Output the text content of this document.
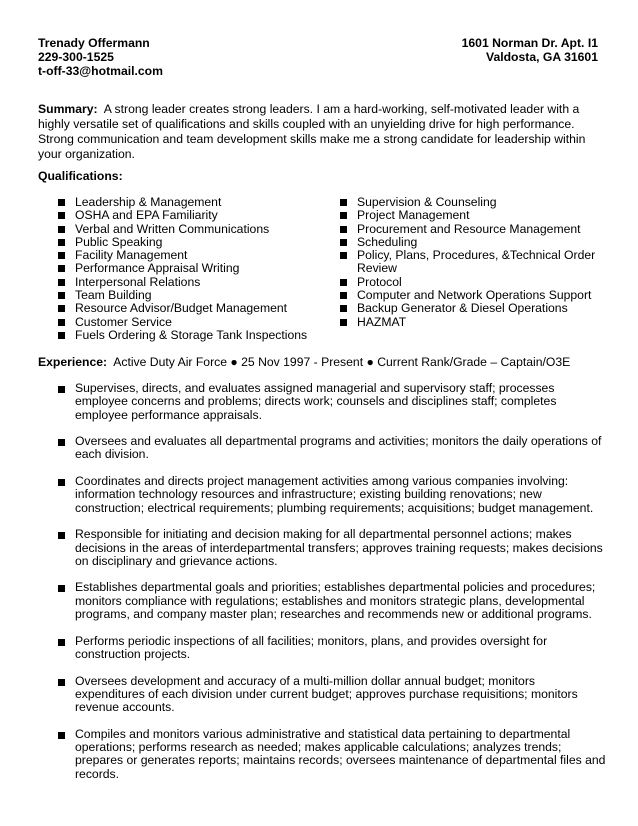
Trenady Offermann
229-300-1525
t-off-33@hotmail.com
1601 Norman Dr. Apt. I1
Valdosta, GA 31601
Summary: A strong leader creates strong leaders. I am a hard-working, self-motivated leader with a highly versatile set of qualifications and skills coupled with an unyielding drive for high performance. Strong communication and team development skills make me a strong candidate for leadership within your organization.
Qualifications:
Leadership & Management
OSHA and EPA Familiarity
Verbal and Written Communications
Public Speaking
Facility Management
Performance Appraisal Writing
Interpersonal Relations
Team Building
Resource Advisor/Budget Management
Customer Service
Fuels Ordering & Storage Tank Inspections
Supervision & Counseling
Project Management
Procurement and Resource Management
Scheduling
Policy, Plans, Procedures, &Technical Order Review
Protocol
Computer and Network Operations Support
Backup Generator & Diesel Operations
HAZMAT
Experience: Active Duty Air Force ● 25 Nov 1997 - Present ● Current Rank/Grade – Captain/O3E
Supervises, directs, and evaluates assigned managerial and supervisory staff; processes employee concerns and problems; directs work; counsels and disciplines staff; completes employee performance appraisals.
Oversees and evaluates all departmental programs and activities; monitors the daily operations of each division.
Coordinates and directs project management activities among various companies involving: information technology resources and infrastructure; existing building renovations; new construction; electrical requirements; plumbing requirements; acquisitions; budget management.
Responsible for initiating and decision making for all departmental personnel actions; makes decisions in the areas of interdepartmental transfers; approves training requests; makes decisions on disciplinary and grievance actions.
Establishes departmental goals and priorities; establishes departmental policies and procedures; monitors compliance with regulations; establishes and monitors strategic plans, developmental programs, and company master plan; researches and recommends new or additional programs.
Performs periodic inspections of all facilities; monitors, plans, and provides oversight for construction projects.
Oversees development and accuracy of a multi-million dollar annual budget; monitors expenditures of each division under current budget; approves purchase requisitions; monitors revenue accounts.
Compiles and monitors various administrative and statistical data pertaining to departmental operations; performs research as needed; makes applicable calculations; analyzes trends; prepares or generates reports; maintains records; oversees maintenance of departmental files and records.
